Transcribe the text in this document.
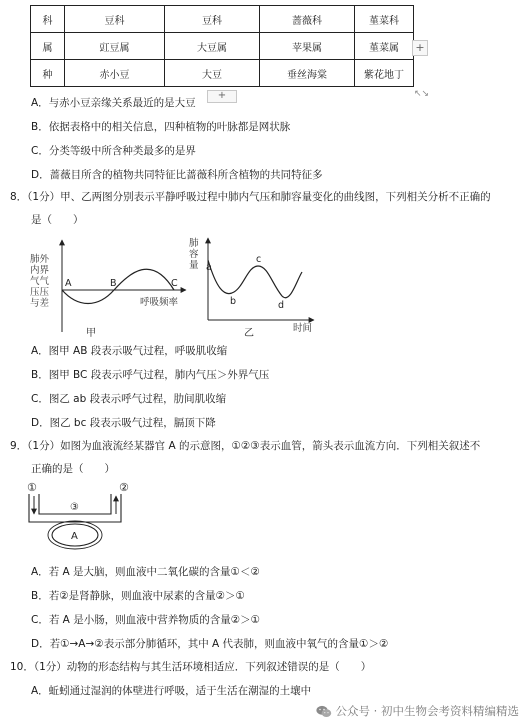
科	豆科	豆科	蔷薇科	堇菜科
属	豇豆属	大豆属	苹果属	堇菜属
种	赤小豆	大豆	垂丝海棠	紫花地丁
+
+	↖↘
A．与赤小豆亲缘关系最近的是大豆
B．依据表格中的相关信息，四种植物的叶脉都是网状脉
C．分类等级中所含种类最多的是界
D．蔷薇目所含的植物共同特征比蔷薇科所含植物的共同特征多
8．（1分）甲、乙两图分别表示平静呼吸过程中肺内气压和肺容量变化的曲线图，下列相关分析不正确的
是（　　）
肺外
内界
气气
压压
与差
A	B	C
呼吸频率
甲
肺
容
量 a
b
c
d
时间
乙
A．图甲 AB 段表示吸气过程，呼吸肌收缩
B．图甲 BC 段表示呼气过程，肺内气压＞外界气压
C．图乙 ab 段表示呼气过程，肋间肌收缩
D．图乙 bc 段表示吸气过程，膈顶下降
9．（1分）如图为血液流经某器官 A 的示意图，①②③表示血管，箭头表示血流方向．下列相关叙述不
正确的是（　　）
A
③
①	②
A．若 A 是大脑，则血液中二氧化碳的含量①＜②
B．若②是肾静脉，则血液中尿素的含量②＞①
C．若 A 是小肠，则血液中营养物质的含量②＞①
D．若①→A→②表示部分肺循环，其中 A 代表肺，则血液中氧气的含量①＞②
10．（1分）动物的形态结构与其生活环境相适应．下列叙述错误的是（　　）
A．蚯蚓通过湿润的体壁进行呼吸，适于生活在潮湿的土壤中
公众号 · 初中生物会考资料精编精选
